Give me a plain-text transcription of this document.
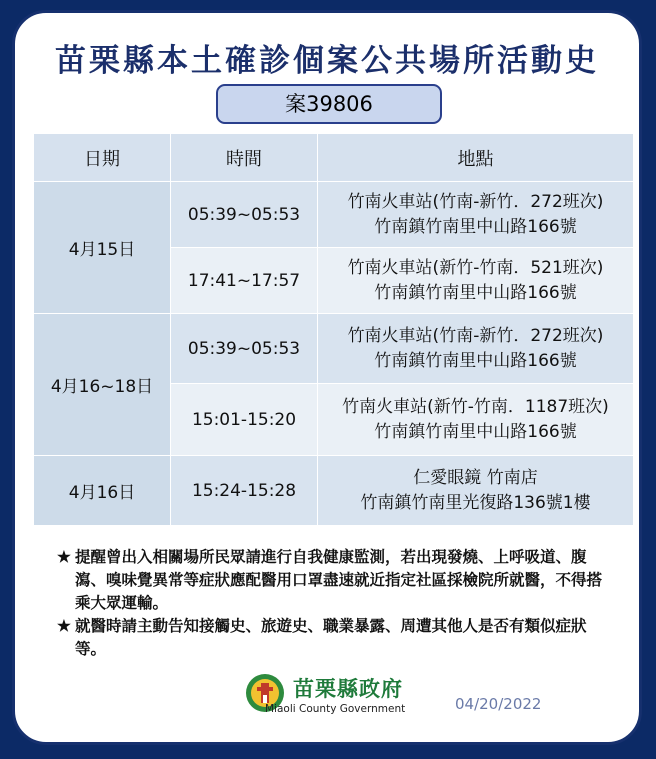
苗栗縣本土確診個案公共場所活動史
案39806
日期	時間	地點
4月15日	05:39~05:53	竹南火車站(竹南-新竹．272班次)
竹南鎮竹南里中山路166號

	17:41~17:57	竹南火車站(新竹-竹南．521班次)
竹南鎮竹南里中山路166號

4月16~18日	05:39~05:53	竹南火車站(竹南-新竹．272班次)
竹南鎮竹南里中山路166號

	15:01-15:20	竹南火車站(新竹-竹南．1187班次)
竹南鎮竹南里中山路166號

4月16日	15:24-15:28	仁愛眼鏡 竹南店
竹南鎮竹南里光復路136號1樓

★ 提醒曾出入相關場所民眾請進行自我健康監測，若出現發燒、上呼吸道、腹瀉、嗅味覺異常等症狀應配醫用口罩盡速就近指定社區採檢院所就醫，不得搭乘大眾運輸。

★ 就醫時請主動告知接觸史、旅遊史、職業暴露、周遭其他人是否有類似症狀等。

苗栗縣政府
Miaoli County Government	04/20/2022
